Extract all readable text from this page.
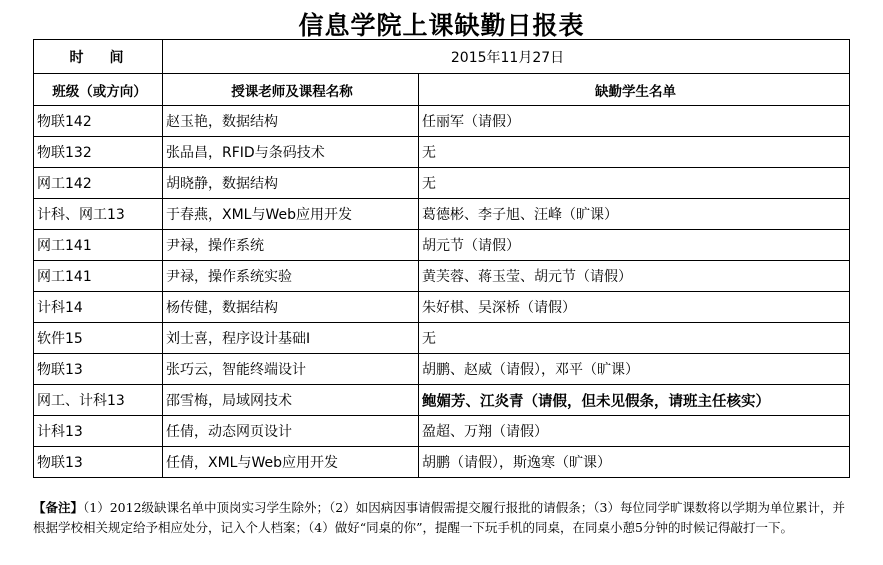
信息学院上课缺勤日报表
时　间	2015年11月27日	
班级（或方向）	授课老师及课程名称	缺勤学生名单
物联142	赵玉艳，数据结构	任丽军（请假）
物联132	张品昌，RFID与条码技术	无
网工142	胡晓静，数据结构	无
计科、网工13	于春燕，XML与Web应用开发	葛德彬、李子旭、汪峰（旷课）
网工141	尹禄，操作系统	胡元节（请假）
网工141	尹禄，操作系统实验	黄芙蓉、蒋玉莹、胡元节（请假）
计科14	杨传健，数据结构	朱好棋、吴深桥（请假）
软件15	刘士喜，程序设计基础I	无
物联13	张巧云，智能终端设计	胡鹏、赵威（请假），邓平（旷课）
网工、计科13	邵雪梅，局域网技术	鲍媚芳、江炎青（请假，但未见假条，请班主任核实）
计科13	任倩，动态网页设计	盈超、万翔（请假）
物联13	任倩，XML与Web应用开发	胡鹏（请假），斯逸寒（旷课）
【备注】（1）2012级缺课名单中顶岗实习学生除外；（2）如因病因事请假需提交履行报批的请假条；（3）每位同学旷课数将以学期为单位累计，并根据学校相关规定给予相应处分，记入个人档案；（4）做好“同桌的你”，提醒一下玩手机的同桌，在同桌小憩5分钟的时候记得敲打一下。
